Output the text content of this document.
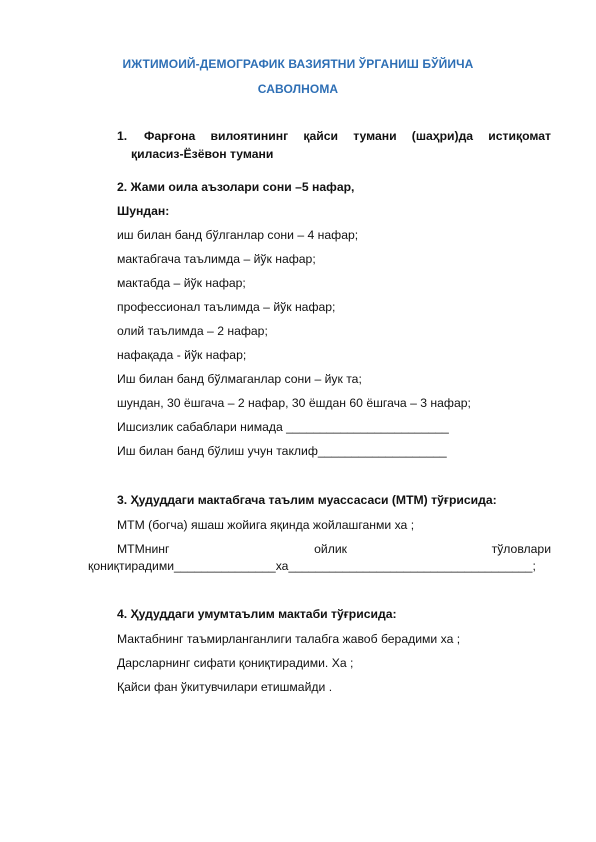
ИЖТИМОИЙ-ДЕМОГРАФИК ВАЗИЯТНИ ЎРГАНИШ БЎЙИЧА
САВОЛНОМА
1. Фарғона вилоятининг қайси тумани (шаҳри)да истиқомат
қиласиз-Ёзёвон тумани
2. Жами оила аъзолари сони –5 нафар,
Шундан:
иш билан банд бўлганлар сони – 4 нафар;
мактабгача таълимда – йўк нафар;
мактабда – йўк нафар;
профессионал таълимда – йўк нафар;
олий таълимда – 2 нафар;
нафақада - йўк нафар;
Иш билан банд бўлмаганлар сони – йук та;
шундан, 30 ёшгача – 2 нафар, 30 ёшдан 60 ёшгача – 3 нафар;
Ишсизлик сабаблари нимада ________________________
Иш билан банд бўлиш учун таклиф___________________
3. Ҳудуддаги мактабгача таълим муассасаси (МТМ) тўғрисида:
МТМ (богча) яшаш жойига яқинда жойлашганми ха ;
МТМнинг	ойлик	тўловлари
қониқтирадими_______________ха____________________________________;
4. Ҳудуддаги умумтаълим мактаби тўғрисида:
Мактабнинг таъмирланганлиги талабга жавоб берадими ха ;
Дарсларнинг сифати қониқтирадими. Ха ;
Қайси фан ўкитувчилари етишмайди .
